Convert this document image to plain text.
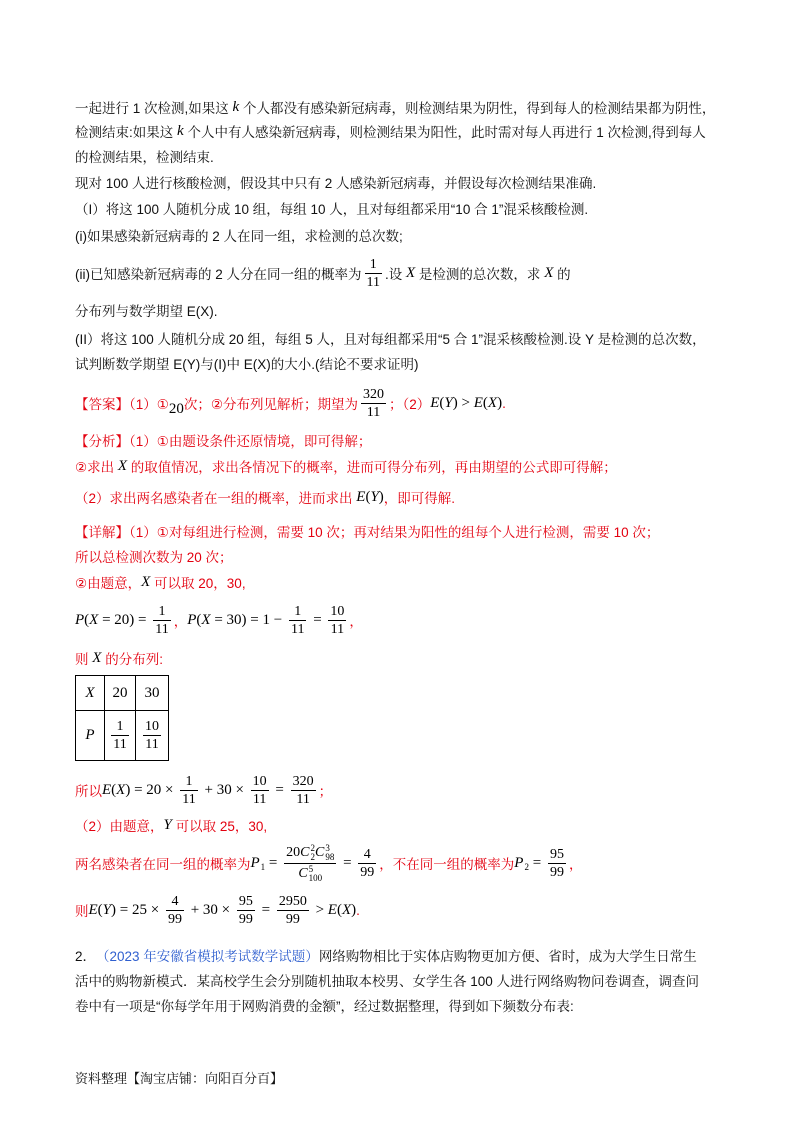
一起进行 1 次检测,如果这 k 个人都没有感染新冠病毒，则检测结果为阴性，得到每人的检测结果都为阴性，
检测结束:如果这 k 个人中有人感染新冠病毒，则检测结果为阳性，此时需对每人再进行 1 次检测,得到每人
的检测结果，检测结束.
现对 100 人进行核酸检测，假设其中只有 2 人感染新冠病毒，并假设每次检测结果准确.
（I）将这 100 人随机分成 10 组，每组 10 人，且对每组都采用“10 合 1”混采核酸检测.
(i)如果感染新冠病毒的 2 人在同一组，求检测的总次数;
(ii)已知感染新冠病毒的 2 人分在同一组的概率为 $\frac{1}{11}$ .设 X 是检测的总次数，求 X 的
分布列与数学期望 E(X).
(II）将这 100 人随机分成 20 组，每组 5 人，且对每组都采用“5 合 1”混采核酸检测.设 Y 是检测的总次数，
试判断数学期望 E(Y)与(I)中 E(X)的大小.(结论不要求证明)
【答案】（1）① 20 次；②分布列见解析；期望为 $\frac{320}{11}$ ；（2） E ( Y ) > E ( X ) .
【分析】（1）①由题设条件还原情境，即可得解；
②求出 X 的取值情况，求出各情况下的概率，进而可得分布列，再由期望的公式即可得解；
（2）求出两名感染者在一组的概率，进而求出 E ( Y ) ，即可得解.
【详解】（1）①对每组进行检测，需要 10 次；再对结果为阳性的组每个人进行检测，需要 10 次；
所以总检测次数为 20 次；
②由题意， X 可以取 20，30,
P ( $X = 20) = \frac{1}{11}$ ， P ( $X = 30) = 1 - \frac{1}{11} = \frac{10}{11}$ ，
则 X 的分布列:
X	20	30
P	$\frac{1}{11}$	$\frac{10}{11}$
所以 E ( X ) = $20 \times \frac{1}{11} + 30 \times \frac{10}{11} = \frac{320}{11}$ ；
（2）由题意， Y 可以取 25，30,
两名感染者在同一组的概率为 P 1 = 20 C 2
2 C 3
98
C 5
$100 = \frac{4}{99}$ ，不在同一组的概率为 P $2 = \frac{95}{99}$ ，
则 E ( Y ) = $25 \times \frac{4}{99} + 30 \times \frac{95}{99} = \frac{2950}{99} > E$ ( X ) .
2． （2023 年安徽省模拟考试数学试题） 网络购物相比于实体店购物更加方便、省时，成为大学生日常生
活中的购物新模式．某高校学生会分别随机抽取本校男、女学生各 100 人进行网络购物问卷调查，调查问
卷中有一项是“你每学年用于网购消费的金额”，经过数据整理，得到如下频数分布表:
资料整理【淘宝店铺：向阳百分百】
